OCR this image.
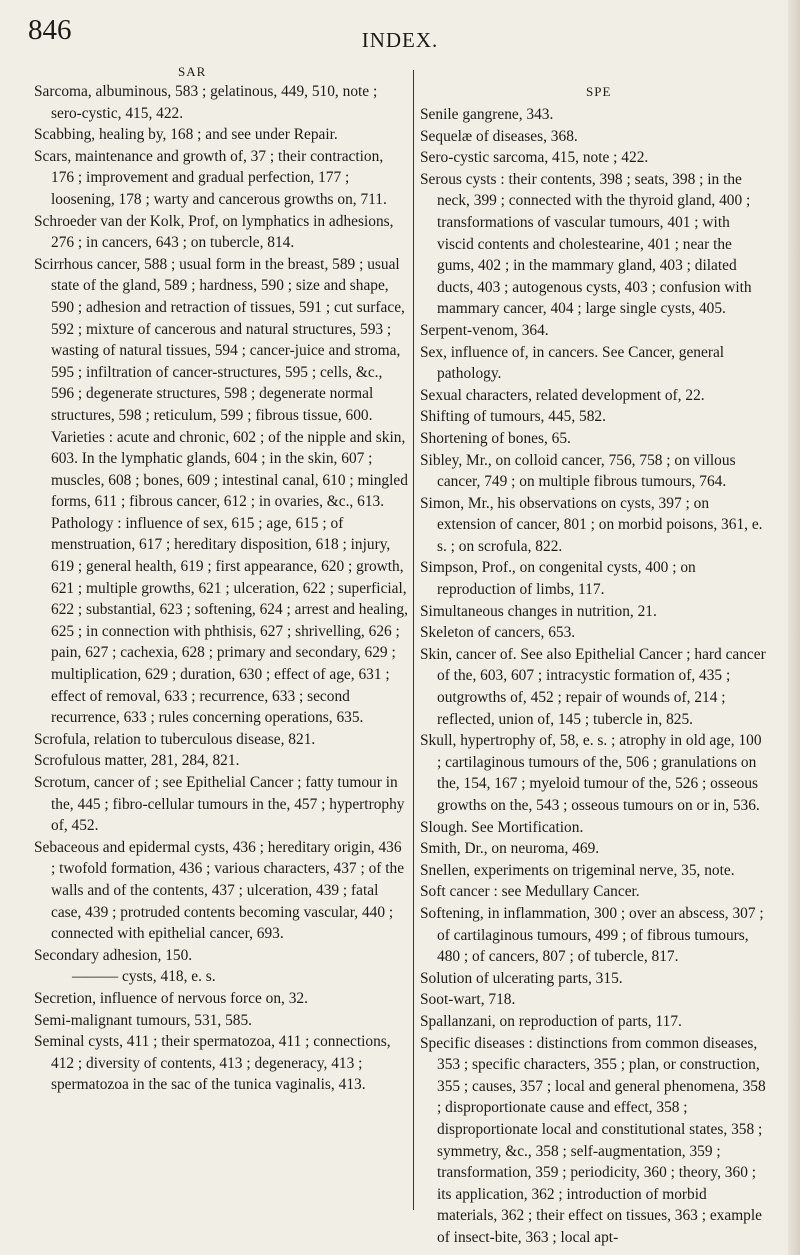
846	INDEX.
SAR
SPE

Sarcoma, albuminous, 583 ; gelatinous, 449, 510, note ; sero-cystic, 415, 422.

Scabbing, healing by, 168 ; and see under Repair.

Scars, maintenance and growth of, 37 ; their contraction, 176 ; improvement and gradual perfection, 177 ; loosening, 178 ; warty and cancerous growths on, 711.

Schroeder van der Kolk, Prof, on lymphatics in adhesions, 276 ; in cancers, 643 ; on tubercle, 814.

Scirrhous cancer, 588 ; usual form in the breast, 589 ; usual state of the gland, 589 ; hardness, 590 ; size and shape, 590 ; adhesion and retraction of tissues, 591 ; cut surface, 592 ; mixture of cancerous and natural structures, 593 ; wasting of natural tissues, 594 ; cancer-juice and stroma, 595 ; infiltration of cancer-structures, 595 ; cells, &c., 596 ; degenerate structures, 598 ; degenerate normal structures, 598 ; reticulum, 599 ; fibrous tissue, 600. Varieties : acute and chronic, 602 ; of the nipple and skin, 603. In the lymphatic glands, 604 ; in the skin, 607 ; muscles, 608 ; bones, 609 ; intestinal canal, 610 ; mingled forms, 611 ; fibrous cancer, 612 ; in ovaries, &c., 613. Pathology : influence of sex, 615 ; age, 615 ; of menstruation, 617 ; hereditary disposition, 618 ; injury, 619 ; general health, 619 ; first appearance, 620 ; growth, 621 ; multiple growths, 621 ; ulceration, 622 ; superficial, 622 ; substantial, 623 ; softening, 624 ; arrest and healing, 625 ; in connection with phthisis, 627 ; shrivelling, 626 ; pain, 627 ; cachexia, 628 ; primary and secondary, 629 ; multiplication, 629 ; duration, 630 ; effect of age, 631 ; effect of removal, 633 ; recurrence, 633 ; second recurrence, 633 ; rules concerning operations, 635.

Scrofula, relation to tuberculous disease, 821.

Scrofulous matter, 281, 284, 821.

Scrotum, cancer of ; see Epithelial Cancer ; fatty tumour in the, 445 ; fibro-cellular tumours in the, 457 ; hypertrophy of, 452.

Sebaceous and epidermal cysts, 436 ; hereditary origin, 436 ; twofold formation, 436 ; various characters, 437 ; of the walls and of the contents, 437 ; ulceration, 439 ; fatal case, 439 ; protruded contents becoming vascular, 440 ; connected with epithelial cancer, 693.

Secondary adhesion, 150.

——— cysts, 418, e. s.

Secretion, influence of nervous force on, 32.

Semi-malignant tumours, 531, 585.

Seminal cysts, 411 ; their spermatozoa, 411 ; connections, 412 ; diversity of contents, 413 ; degeneracy, 413 ; spermatozoa in the sac of the tunica vaginalis, 413.

Senile gangrene, 343.

Sequelæ of diseases, 368.

Sero-cystic sarcoma, 415, note ; 422.

Serous cysts : their contents, 398 ; seats, 398 ; in the neck, 399 ; connected with the thyroid gland, 400 ; transformations of vascular tumours, 401 ; with viscid contents and cholestearine, 401 ; near the gums, 402 ; in the mammary gland, 403 ; dilated ducts, 403 ; autogenous cysts, 403 ; confusion with mammary cancer, 404 ; large single cysts, 405.

Serpent-venom, 364.

Sex, influence of, in cancers. See Cancer, general pathology.

Sexual characters, related development of, 22.

Shifting of tumours, 445, 582.

Shortening of bones, 65.

Sibley, Mr., on colloid cancer, 756, 758 ; on villous cancer, 749 ; on multiple fibrous tumours, 764.

Simon, Mr., his observations on cysts, 397 ; on extension of cancer, 801 ; on morbid poisons, 361, e. s. ; on scrofula, 822.

Simpson, Prof., on congenital cysts, 400 ; on reproduction of limbs, 117.

Simultaneous changes in nutrition, 21.

Skeleton of cancers, 653.

Skin, cancer of. See also Epithelial Cancer ; hard cancer of the, 603, 607 ; intracystic formation of, 435 ; outgrowths of, 452 ; repair of wounds of, 214 ; reflected, union of, 145 ; tubercle in, 825.

Skull, hypertrophy of, 58, e. s. ; atrophy in old age, 100 ; cartilaginous tumours of the, 506 ; granulations on the, 154, 167 ; myeloid tumour of the, 526 ; osseous growths on the, 543 ; osseous tumours on or in, 536.

Slough. See Mortification.

Smith, Dr., on neuroma, 469.

Snellen, experiments on trigeminal nerve, 35, note.

Soft cancer : see Medullary Cancer.

Softening, in inflammation, 300 ; over an abscess, 307 ; of cartilaginous tumours, 499 ; of fibrous tumours, 480 ; of cancers, 807 ; of tubercle, 817.

Solution of ulcerating parts, 315.

Soot-wart, 718.

Spallanzani, on reproduction of parts, 117.

Specific diseases : distinctions from common diseases, 353 ; specific characters, 355 ; plan, or construction, 355 ; causes, 357 ; local and general phenomena, 358 ; disproportionate cause and effect, 358 ; disproportionate local and constitutional states, 358 ; symmetry, &c., 358 ; self-augmentation, 359 ; transformation, 359 ; periodicity, 360 ; theory, 360 ; its application, 362 ; introduction of morbid materials, 362 ; their effect on tissues, 363 ; example of insect-bite, 363 ; local apt-
